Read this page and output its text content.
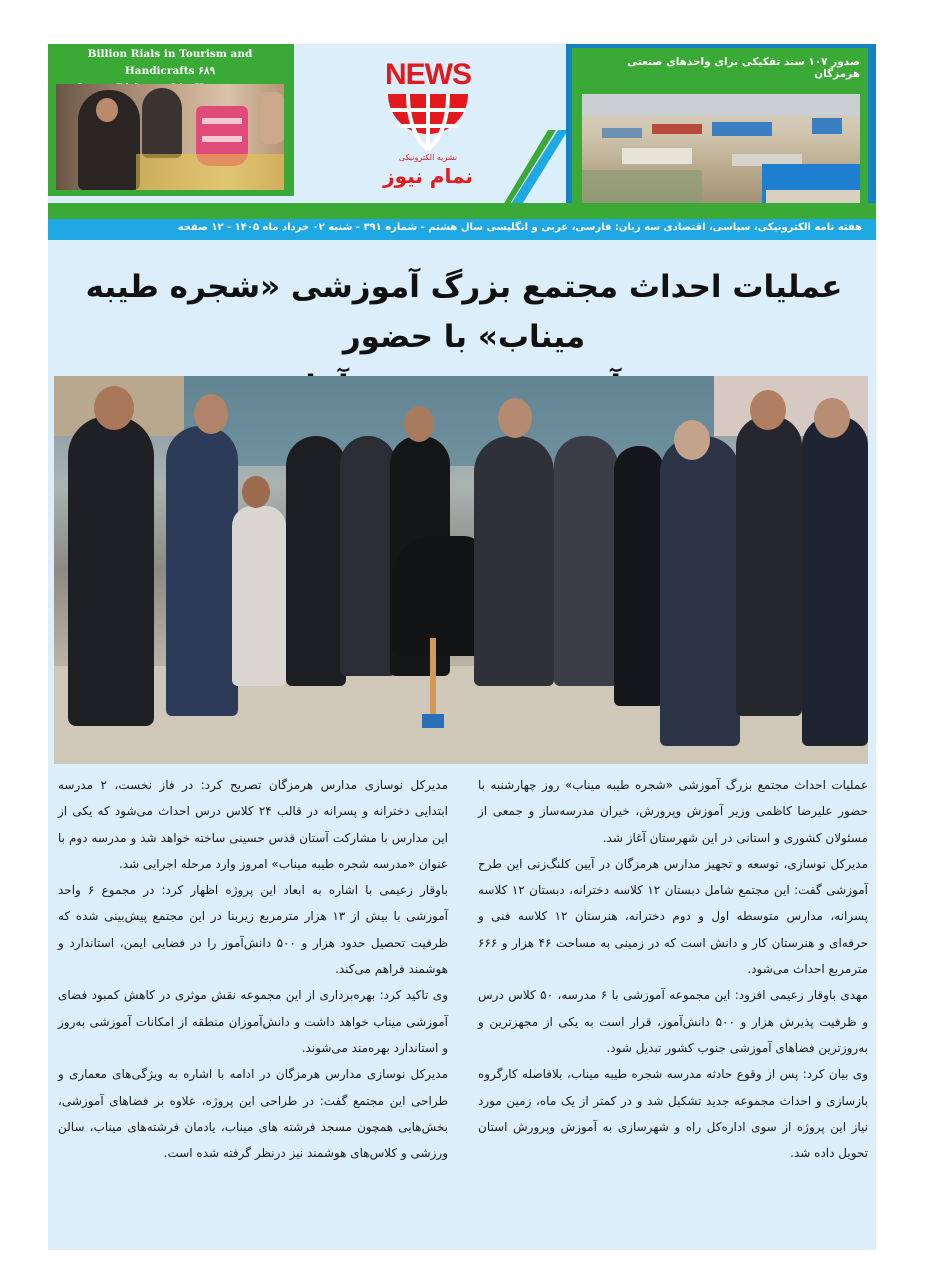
Billion Rials in Tourism and Handicrafts ۶۸۹	NEWS
نشریه الکترونیکی
نمام نیوز
صدور ۱۰۷ سند تفکیکی برای واحدهای صنعتی هرمزگان
هفته نامه الکترونیکی، سیاسی، اقتصادی سه زبان: فارسی، عربی و انگلیسی سال هشتم - شماره ۳۹۱ - شنبه ۰۲ خرداد ماه ۱۴۰۵ - ۱۲ صفحه
عملیات احداث مجتمع بزرگ آموزشی «شجره طیبه میناب» با حضور

عملیات احداث مجتمع بزرگ آموزشی «شجره طیبه میناب» روز چهارشنبه با حضور علیرضا کاظمی وزیر آموزش وپرورش، خیران مدرسه‌ساز و جمعی از مسئولان کشوری و استانی در این شهرستان آغاز شد.

مدیرکل نوسازی، توسعه و تجهیز مدارس هرمزگان در آیین کلنگ‌زنی این طرح آموزشی گفت: این مجتمع شامل دبستان ۱۲ کلاسه دخترانه، دبستان ۱۲ کلاسه پسرانه، مدارس متوسطه اول و دوم دخترانه، هنرستان ۱۲ کلاسه فنی و حرفه‌ای و هنرستان کار و دانش است که در زمینی به مساحت ۴۶ هزار و ۶۶۶ مترمربع احداث می‌شود.

مهدی باوقار زعیمی افزود: این مجموعه آموزشی با ۶ مدرسه، ۵۰ کلاس درس و ظرفیت پذیرش هزار و ۵۰۰ دانش‌آموز، قرار است به یکی از مجهزترین و به‌روزترین فضاهای آموزشی جنوب کشور تبدیل شود.

وی بیان کرد: پس از وقوع حادثه مدرسه شجره طیبه میناب، بلافاصله کارگروه بازسازی و احداث مجموعه جدید تشکیل شد و در کمتر از یک ماه، زمین مورد نیاز این پروژه از سوی اداره‌کل راه و شهرسازی به آموزش وپرورش استان تحویل داده شد.

مدیرکل نوسازی مدارس هرمزگان تصریح کرد: در فاز نخست، ۲ مدرسه ابتدایی دخترانه و پسرانه در قالب ۲۴ کلاس درس احداث می‌شود که یکی از این مدارس با مشارکت آستان قدس حسینی ساخته خواهد شد و مدرسه دوم با عنوان «مدرسه شجره طیبه میناب» امروز وارد مرحله اجرایی شد.

باوقار زعیمی با اشاره به ابعاد این پروژه اظهار کرد: در مجموع ۶ واحد آموزشی با بیش از ۱۳ هزار مترمربع زیربنا در این مجتمع پیش‌بینی شده که ظرفیت تحصیل حدود هزار و ۵۰۰ دانش‌آموز را در فضایی ایمن، استاندارد و هوشمند فراهم می‌کند.

وی تاکید کرد: بهره‌برداری از این مجموعه نقش موثری در کاهش کمبود فضای آموزشی میناب خواهد داشت و دانش‌آموزان منطقه از امکانات آموزشی به‌روز و استاندارد بهره‌مند می‌شوند.

مدیرکل نوسازی مدارس هرمزگان در ادامه با اشاره به ویژگی‌های معماری و طراحی این مجتمع گفت: در طراحی این پروژه، علاوه بر فضاهای آموزشی، بخش‌هایی همچون مسجد فرشته های میناب، یادمان فرشته‌های میناب، سالن ورزشی و کلاس‌های هوشمند نیز درنظر گرفته شده است.
